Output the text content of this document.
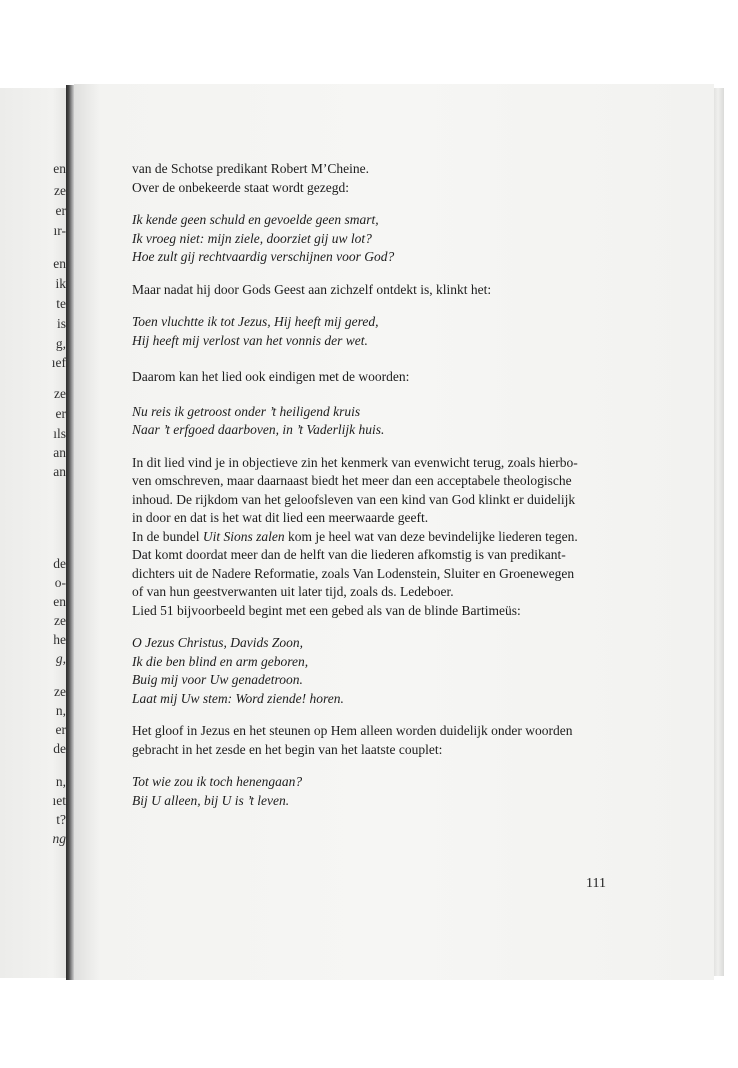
en
ze
er
ır-
en
ik
te
is
g,
ıef
ze
er
ıls
an
an
de
o-
en
ze
he
g,
ze
n,
er
de
n,
ıet
t?
ng

van de Schotse predikant Robert M’Cheine.

Over de onbekeerde staat wordt gezegd:

Ik kende geen schuld en gevoelde geen smart,

Ik vroeg niet: mijn ziele, doorziet gij uw lot?

Hoe zult gij rechtvaardig verschijnen voor God?

Maar nadat hij door Gods Geest aan zichzelf ontdekt is, klinkt het:

Toen vluchtte ik tot Jezus, Hij heeft mij gered,

Hij heeft mij verlost van het vonnis der wet.

Daarom kan het lied ook eindigen met de woorden:

Nu reis ik getroost onder ’t heiligend kruis

Naar ’t erfgoed daarboven, in ’t Vaderlijk huis.

In dit lied vind je in objectieve zin het kenmerk van evenwicht terug, zoals hierbo-

ven omschreven, maar daarnaast biedt het meer dan een acceptabele theologische

inhoud. De rijkdom van het geloofsleven van een kind van God klinkt er duidelijk

in door en dat is het wat dit lied een meerwaarde geeft.

In de bundel Uit Sions zalen kom je heel wat van deze bevindelijke liederen tegen.

Dat komt doordat meer dan de helft van die liederen afkomstig is van predikant-

dichters uit de Nadere Reformatie, zoals Van Lodenstein, Sluiter en Groenewegen

of van hun geestverwanten uit later tijd, zoals ds. Ledeboer.

Lied 51 bijvoorbeeld begint met een gebed als van de blinde Bartimeüs:

O Jezus Christus, Davids Zoon,

Ik die ben blind en arm geboren,

Buig mij voor Uw genadetroon.

Laat mij Uw stem: Word ziende! horen.

Het gloof in Jezus en het steunen op Hem alleen worden duidelijk onder woorden

gebracht in het zesde en het begin van het laatste couplet:

Tot wie zou ik toch henengaan?

Bij U alleen, bij U is ’t leven.

111
